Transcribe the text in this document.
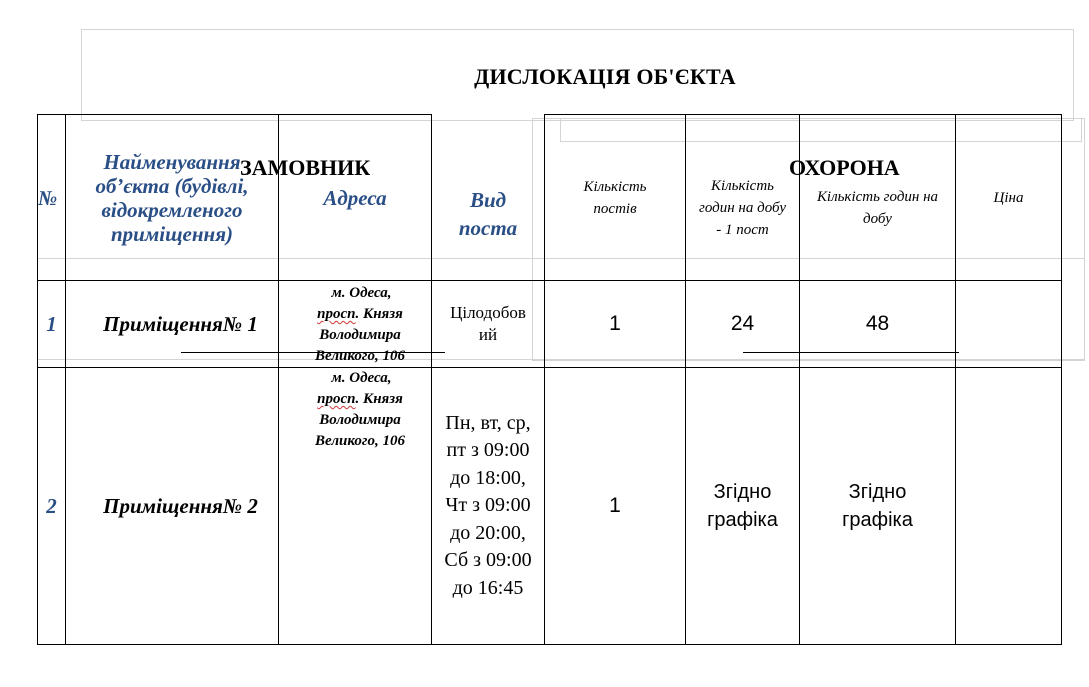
ДИСЛОКАЦІЯ ОБ'ЄКТА
№	Найменування об’єкта (будівлі, відокремленого приміщення)	Адреса	Вид поста	Кількість постів	Кількість годин на добу - 1 пост	Кількість годин на добу	Ціна
1	Приміщення№ 1	м. Одеса,
просп. Князя
Володимира
Великого, 106	Цілодобовий	1	24	48	
2	Приміщення№ 2	м. Одеса,
просп. Князя
Володимира
Великого, 106	Пн, вт, ср, пт з 09:00 до 18:00, Чт з 09:00 до 20:00, Сб з 09:00 до 16:45	1	Згідно графіка	Згідно графіка	

ЗАМОВНИК	ОХОРОНА
